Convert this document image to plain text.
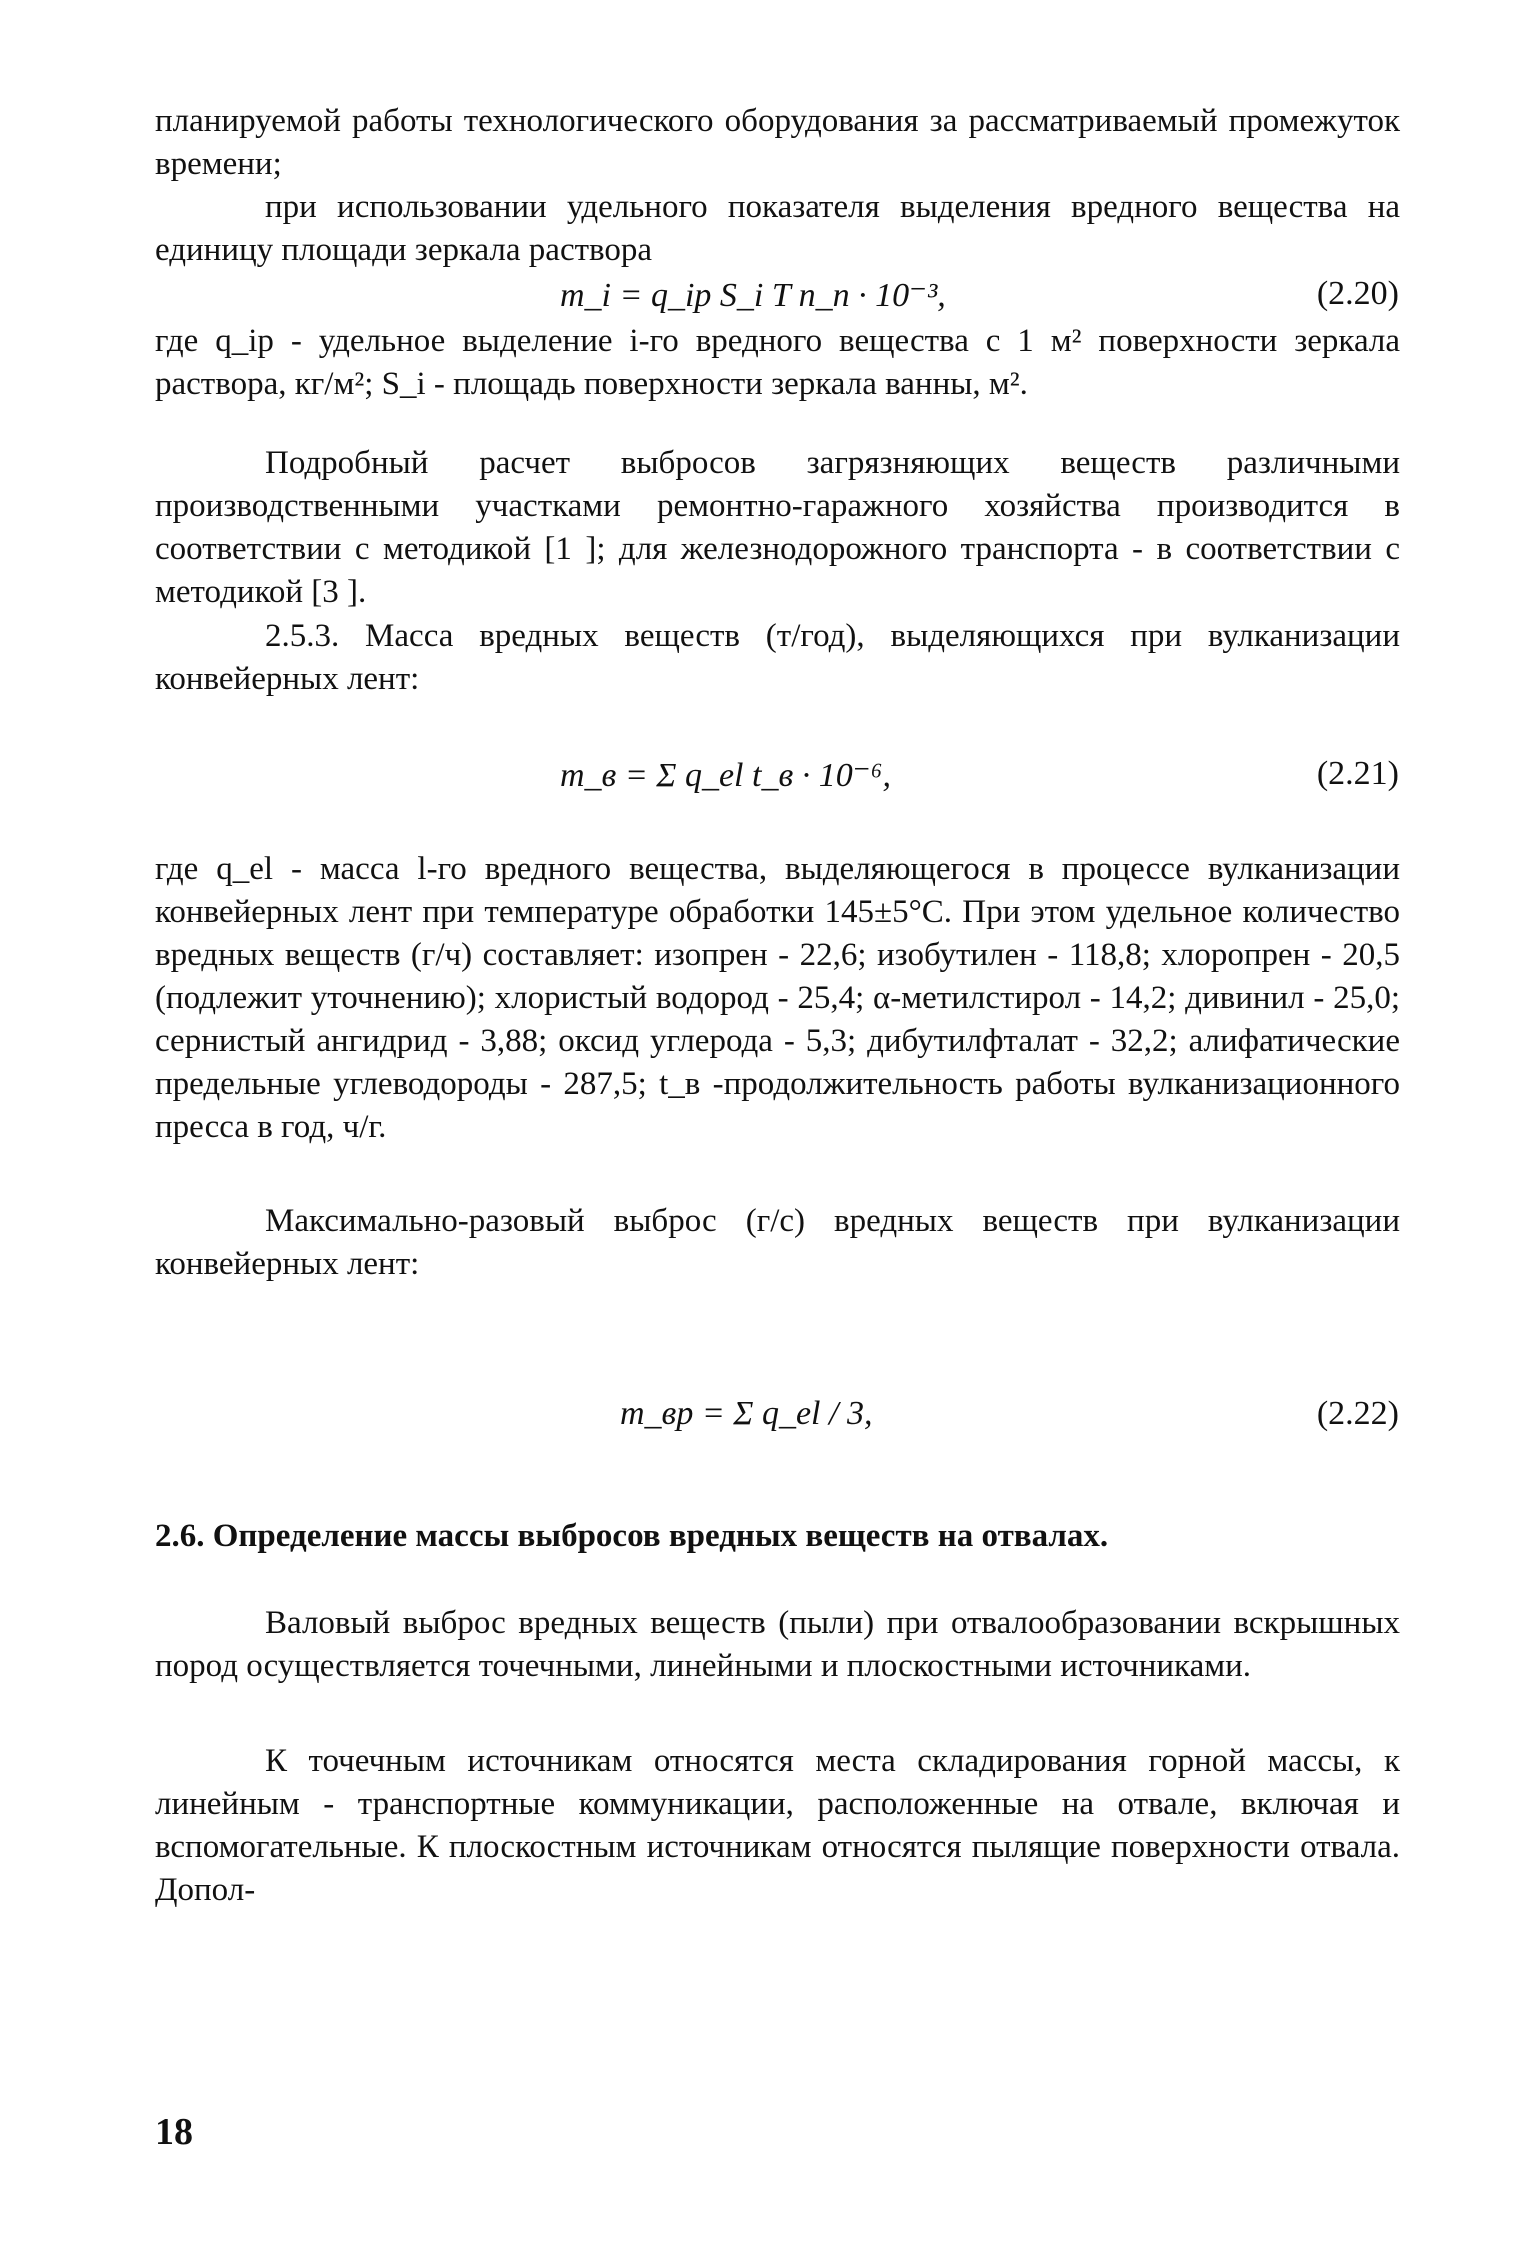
планируемой работы технологического оборудования за рассматриваемый промежуток времени;

при использовании удельного показателя выделения вредного вещества на единицу площади зеркала раствора

m_i = q_ip S_i T n_n · 10⁻³,	(2.20)

где q_ip - удельное выделение i-го вредного вещества с 1 м² поверхности зеркала раствора, кг/м²; S_i - площадь поверхности зеркала ванны, м².

Подробный расчет выбросов загрязняющих веществ различными производственными участками ремонтно-гаражного хозяйства производится в соответствии с методикой [1 ]; для железнодорожного транспорта - в соответствии с методикой [3 ].

2.5.3. Масса вредных веществ (т/год), выделяющихся при вулканизации конвейерных лент:

m_в = Σ q_el t_в · 10⁻⁶,	(2.21)

где q_el - масса l-го вредного вещества, выделяющегося в процессе вулканизации конвейерных лент при температуре обработки 145±5°С. При этом удельное количество вредных веществ (г/ч) составляет: изопрен - 22,6; изобутилен - 118,8; хлоропрен - 20,5 (подлежит уточнению); хлористый водород - 25,4; α-метилстирол - 14,2; дивинил - 25,0; сернистый ангидрид - 3,88; оксид углерода - 5,3; дибутилфталат - 32,2; алифатические предельные углеводороды - 287,5; t_в -продолжительность работы вулканизационного пресса в год, ч/г.

Максимально-разовый выброс (г/с) вредных веществ при вулканизации конвейерных лент:

m_вр = Σ q_el / 3,	(2.22)
2.6. Определение массы выбросов вредных веществ на отвалах.

Валовый выброс вредных веществ (пыли) при отвалообразовании вскрышных пород осуществляется точечными, линейными и плоскостными источниками.

К точечным источникам относятся места складирования горной массы, к линейным - транспортные коммуникации, расположенные на отвале, включая и вспомогательные. К плоскостным источникам относятся пылящие поверхности отвала. Допол-

18
